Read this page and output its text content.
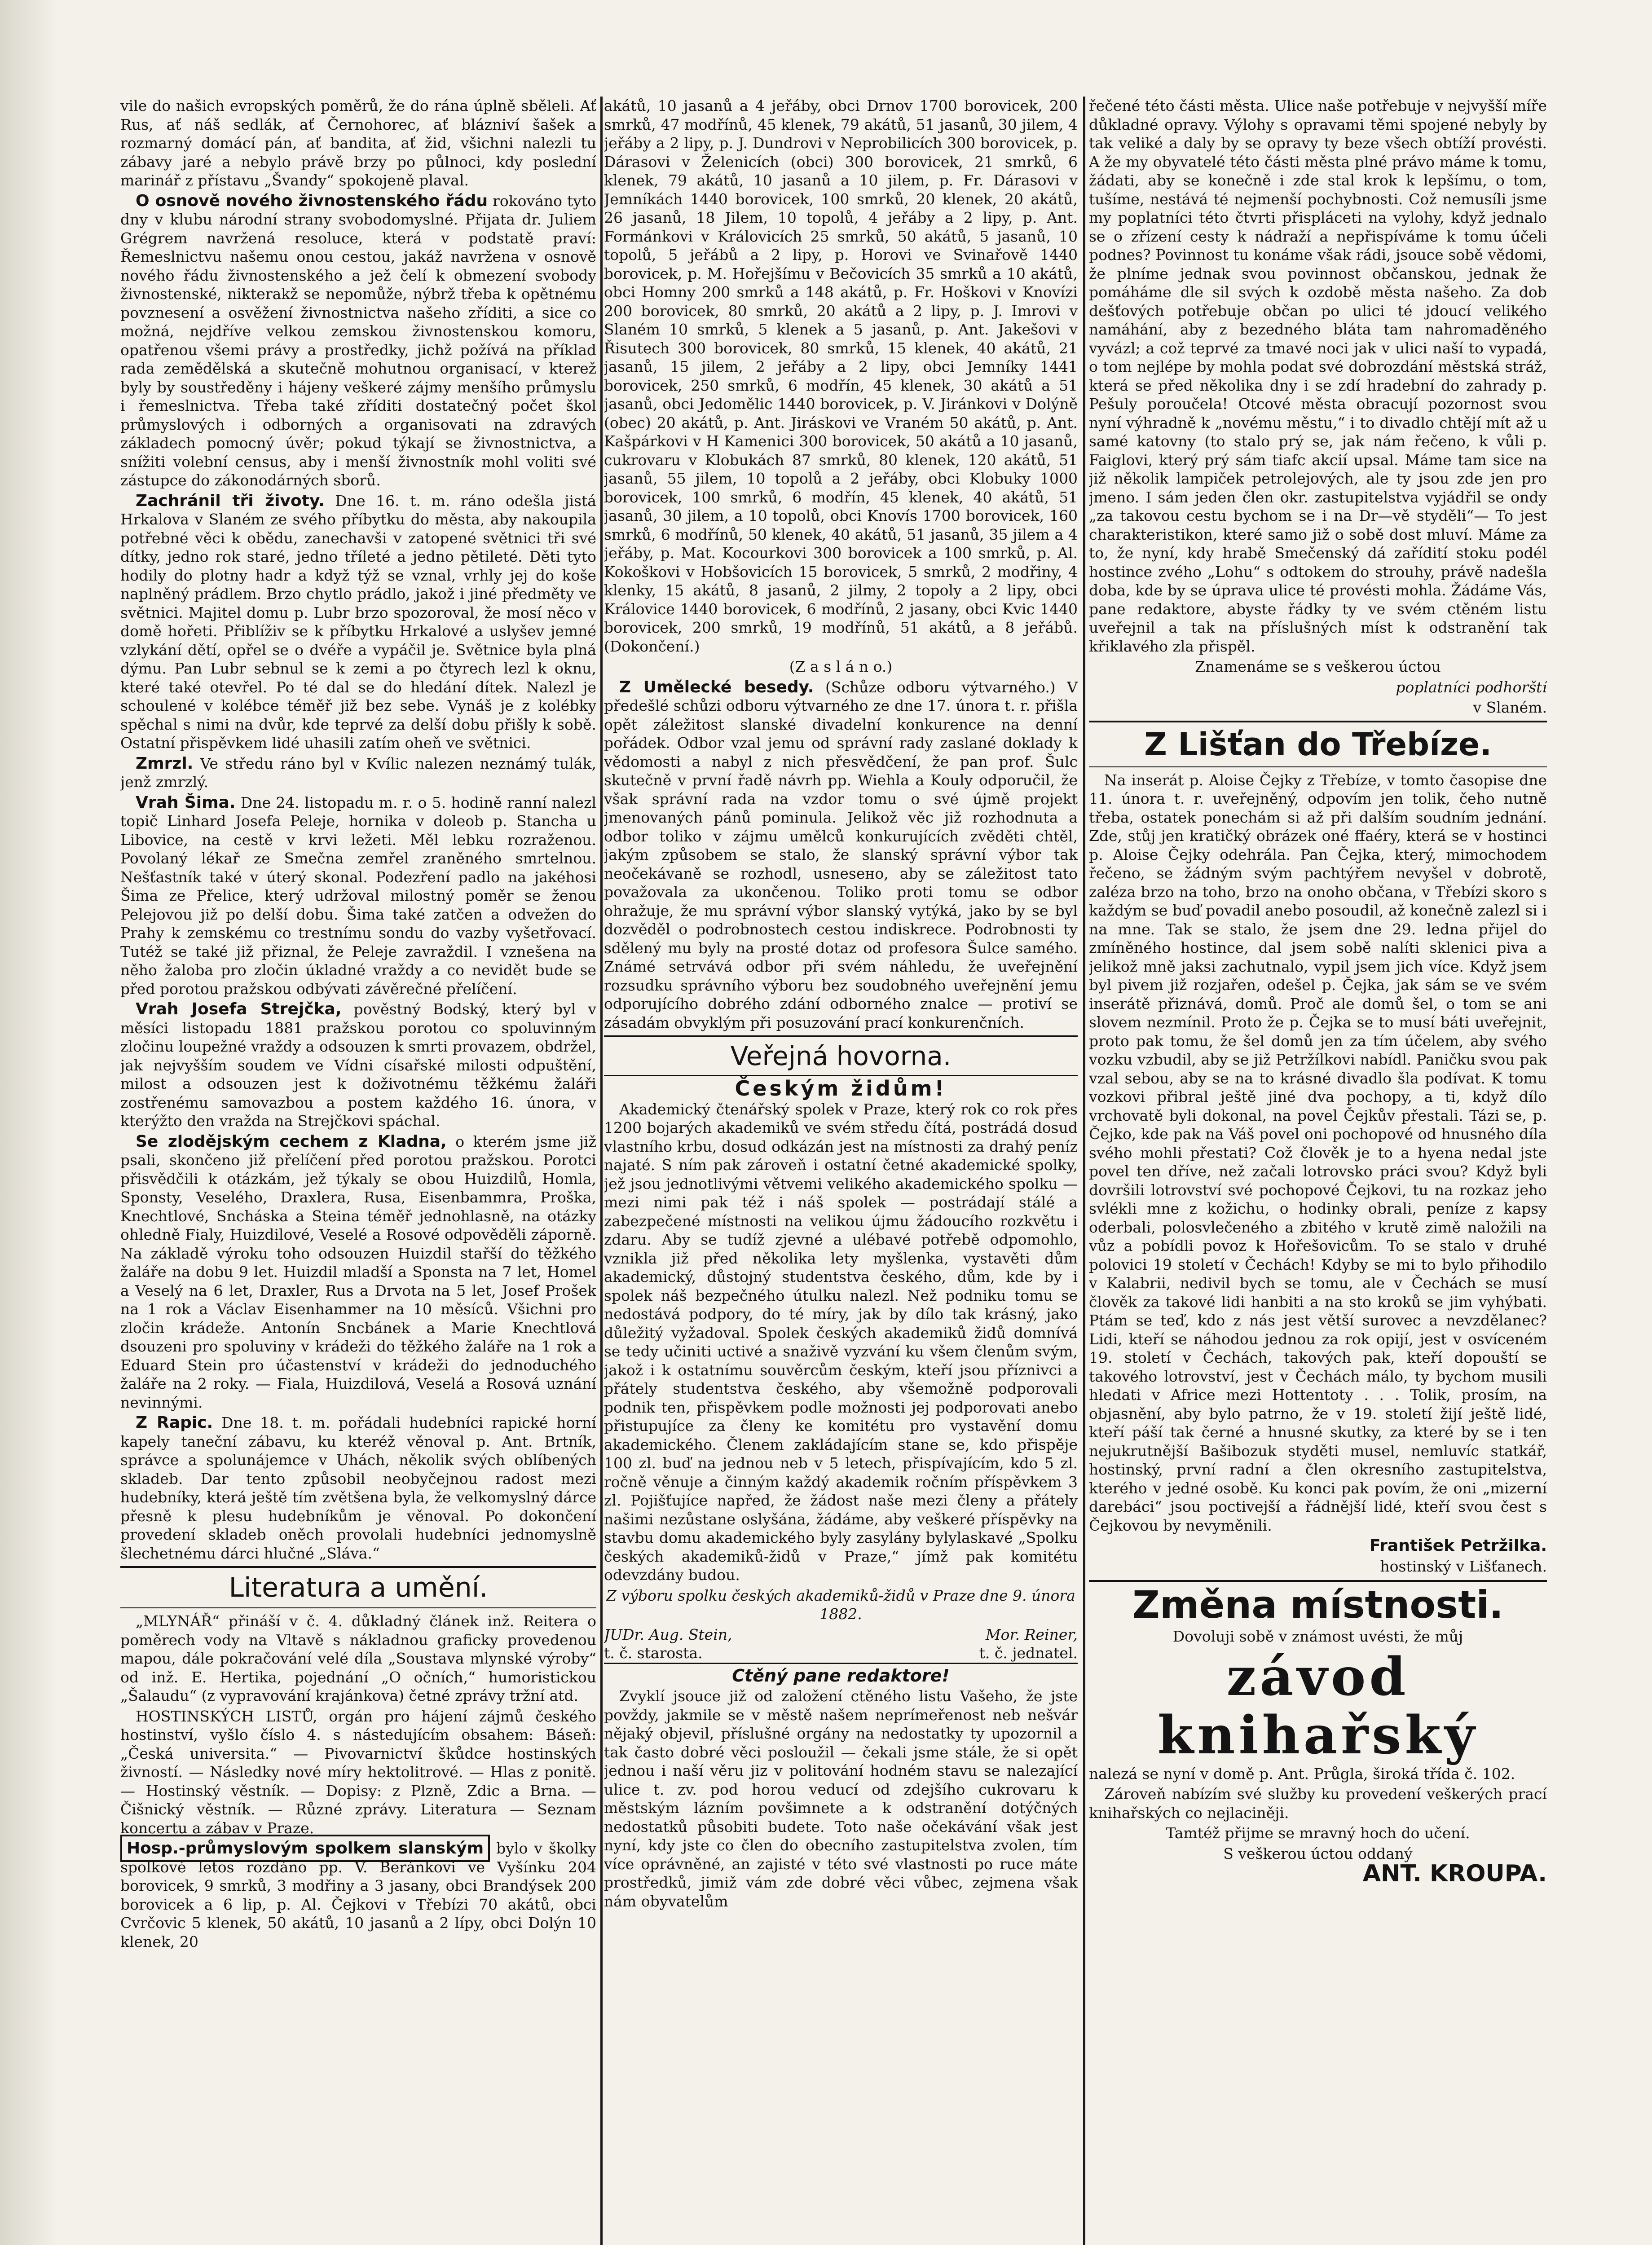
vile do našich evropských poměrů, že do rána úplně sběleli. Ať Rus, ať náš sedlák, ať Černohorec, ať blázniví šašek a rozmarný domácí pán, ať bandita, ať žid, všichni nalezli tu zábavy jaré a nebylo právě brzy po půlnoci, kdy poslední marinář z přístavu „Švandy“ spokojeně plaval.

O osnově nového živnostenského řádu rokováno tyto dny v klubu národní strany svobodomyslné. Přijata dr. Juliem Grégrem navržená resoluce, která v podstatě praví: Řemeslnictvu našemu onou cestou, jakáž navržena v osnově nového řádu živnostenského a jež čelí k obmezení svobody živnostenské, nikterakž se nepomůže, nýbrž třeba k opětnému povznesení a osvěžení živnostnictva našeho zříditi, a sice co možná, nejdříve velkou zemskou živnostenskou komoru, opatřenou všemi právy a prostředky, jichž požívá na příklad rada zemědělská a skutečně mohutnou organisací, v kterež byly by soustředěny i hájeny veškeré zájmy menšího průmyslu i řemeslnictva. Třeba také zříditi dostatečný počet škol průmyslových i odborných a organisovati na zdravých základech pomocný úvěr; pokud týkají se živnostnictva, a snížiti volební census, aby i menší živnostník mohl voliti své zástupce do zákonodárných sborů.

Zachránil tři životy. Dne 16. t. m. ráno odešla jistá Hrkalova v Slaném ze svého příbytku do města, aby nakoupila potřebné věci k obědu, zanechavši v zatopené světnici tři své dítky, jedno rok staré, jedno tříleté a jedno pětileté. Děti tyto hodily do plotny hadr a když týž se vznal, vrhly jej do koše naplněný prádlem. Brzo chytlo prádlo, jakož i jiné předměty ve světnici. Majitel domu p. Lubr brzo spozoroval, že mosí něco v domě hořeti. Přiblíživ se k příbytku Hrkalové a uslyšev jemné vzlykání dětí, opřel se o dvéře a vypáčil je. Světnice byla plná dýmu. Pan Lubr sebnul se k zemi a po čtyrech lezl k oknu, které také otevřel. Po té dal se do hledání dítek. Nalezl je schoulené v kolébce téměř již bez sebe. Vynáš je z kolébky spěchal s nimi na dvůr, kde teprvé za delší dobu přišly k sobě. Ostatní přispěvkem lidé uhasili zatím oheň ve světnici.

Zmrzl. Ve středu ráno byl v Kvílic nalezen neznámý tulák, jenž zmrzlý.

Vrah Šima. Dne 24. listopadu m. r. o 5. hodině ranní nalezl topič Linhard Josefa Peleje, hornika v doleob p. Stancha u Libovice, na cestě v krvi ležeti. Měl lebku rozraženou. Povolaný lékař ze Smečna zemřel zraněného smrtelnou. Nešťastník také v úterý skonal. Podezření padlo na jakéhosi Šima ze Přelice, který udržoval milostný poměr se ženou Pelejovou již po delší dobu. Šima také zatčen a odvežen do Prahy k zemskému co trestnímu sondu do vazby vyšetřovací. Tutéž se také již přiznal, že Peleje zavraždil. I vznešena na něho žaloba pro zločin úkladné vraždy a co nevidět bude se před porotou pražskou odbývati závěrečné přelíčení.

Vrah Josefa Strejčka, pověstný Bodský, který byl v měsíci listopadu 1881 pražskou porotou co spoluvinným zločinu loupežné vraždy a odsouzen k smrti provazem, obdržel, jak nejvyšším soudem ve Vídni císařské milosti odpuštění, milost a odsouzen jest k doživotnému těžkému žaláři zostřenému samovazbou a postem každého 16. února, v kterýžto den vražda na Strejčkovi spáchal.

Se zlodějským cechem z Kladna, o kterém jsme již psali, skončeno již přelíčení před porotou pražskou. Porotci přisvědčili k otázkám, jež týkaly se obou Huizdilů, Homla, Sponsty, Veselého, Draxlera, Rusa, Eisenbammra, Proška, Knechtlové, Sncháska a Steina téměř jednohlasně, na otázky ohledně Fialy, Huizdilové, Veselé a Rosové odpověděli záporně. Na základě výroku toho odsouzen Huizdil stařší do těžkého žaláře na dobu 9 let. Huizdil mladší a Sponsta na 7 let, Homel a Veselý na 6 let, Draxler, Rus a Drvota na 5 let, Josef Prošek na 1 rok a Václav Eisenhammer na 10 měsíců. Všichni pro zločin krádeže. Antonín Sncbánek a Marie Knechtlová dsouzeni pro spoluviny v krádeži do těžkého žaláře na 1 rok a Eduard Stein pro účastenství v krádeži do jednoduchého žaláře na 2 roky. — Fiala, Huizdilová, Veselá a Rosová uznání nevinnými.

Z Rapic. Dne 18. t. m. pořádali hudebníci rapické horní kapely taneční zábavu, ku kteréž věnoval p. Ant. Brtník, správce a spolunájemce v Uhách, několik svých oblíbených skladeb. Dar tento způsobil neobyčejnou radost mezi hudebníky, která ještě tím zvětšena byla, že velkomyslný dárce přesně k plesu hudebníkům je věnoval. Po dokončení provedení skladeb oněch provolali hudebníci jednomyslně šlechetnému dárci hlučné „Sláva.“

Literatura a umění.

„MLYNÁŘ“ přináší v č. 4. důkladný článek inž. Reitera o poměrech vody na Vltavě s nákladnou graficky provedenou mapou, dále pokračování velé díla „Soustava mlynské výroby“ od inž. E. Hertika, pojednání „O očních,“ humoristickou „Šalaudu“ (z vypravování krajánkova) četné zprávy tržní atd.

HOSTINSKÝCH LISTŮ, orgán pro hájení zájmů českého hostinství, vyšlo číslo 4. s nástedujícím obsahem: Báseň: „Česká universita.“ — Pivovarnictví škůdce hostinských živností. — Následky nové míry hektolitrové. — Hlas z ponitě. — Hostinský věstník. — Dopisy: z Plzně, Zdic a Brna. — Čišnický věstník. — Různé zprávy. Literatura — Seznam koncertu a zábav v Praze.

Hosp.-průmyslovým spolkem slanským bylo v školky spolkové letos rozdáno pp. V. Beránkovi ve Vyšínku 204 borovicek, 9 smrků, 3 modřiny a 3 jasany, obci Brandýsek 200 borovicek a 6 lip, p. Al. Čejkovi v Třebízi 70 akátů, obci Cvrčovic 5 klenek, 50 akátů, 10 jasanů a 2 lípy, obci Dolýn 10 klenek, 20

akátů, 10 jasanů a 4 jeřáby, obci Drnov 1700 borovicek, 200 smrků, 47 modřínů, 45 klenek, 79 akátů, 51 jasanů, 30 jilem, 4 jeřáby a 2 lipy, p. J. Dundrovi v Neprobilicích 300 borovicek, p. Dárasovi v Želenicích (obci) 300 borovicek, 21 smrků, 6 klenek, 79 akátů, 10 jasanů a 10 jilem, p. Fr. Dárasovi v Jemníkách 1440 borovicek, 100 smrků, 20 klenek, 20 akátů, 26 jasanů, 18 Jilem, 10 topolů, 4 jeřáby a 2 lipy, p. Ant. Formánkovi v Královicích 25 smrků, 50 akátů, 5 jasanů, 10 topolů, 5 jeřábů a 2 lipy, p. Horovi ve Svinařově 1440 borovicek, p. M. Hořejšímu v Bečovicích 35 smrků a 10 akátů, obci Homny 200 smrků a 148 akátů, p. Fr. Hoškovi v Knovízi 200 borovicek, 80 smrků, 20 akátů a 2 lipy, p. J. Imrovi v Slaném 10 smrků, 5 klenek a 5 jasanů, p. Ant. Jakešovi v Řisutech 300 borovicek, 80 smrků, 15 klenek, 40 akátů, 21 jasanů, 15 jilem, 2 jeřáby a 2 lipy, obci Jemníky 1441 borovicek, 250 smrků, 6 modřín, 45 klenek, 30 akátů a 51 jasanů, obci Jedomělic 1440 borovicek, p. V. Jiránkovi v Dolýně (obec) 20 akátů, p. Ant. Jiráskovi ve Vraném 50 akátů, p. Ant. Kašpárkovi v H Kamenici 300 borovicek, 50 akátů a 10 jasanů, cukrovaru v Klobukách 87 smrků, 80 klenek, 120 akátů, 51 jasanů, 55 jilem, 10 topolů a 2 jeřáby, obci Klobuky 1000 borovicek, 100 smrků, 6 modřín, 45 klenek, 40 akátů, 51 jasanů, 30 jilem, a 10 topolů, obci Knovís 1700 borovicek, 160 smrků, 6 modřínů, 50 klenek, 40 akátů, 51 jasanů, 35 jilem a 4 jeřáby, p. Mat. Kocourkovi 300 borovicek a 100 smrků, p. Al. Kokoškovi v Hobšovicích 15 borovicek, 5 smrků, 2 modřiny, 4 klenky, 15 akátů, 8 jasanů, 2 jilmy, 2 topoly a 2 lipy, obci Královice 1440 borovicek, 6 modřínů, 2 jasany, obci Kvic 1440 borovicek, 200 smrků, 19 modřínů, 51 akátů, a 8 jeřábů. (Dokončení.)

(Z a s l á n o.)

Z Umělecké besedy. (Schůze odboru výtvarného.) V předešlé schůzi odboru výtvarného ze dne 17. února t. r. přišla opět záležitost slanské divadelní konkurence na denní pořádek. Odbor vzal jemu od správní rady zaslané doklady k vědomosti a nabyl z nich přesvědčení, že pan prof. Šulc skutečně v první řadě návrh pp. Wiehla a Kouly odporučil, že však správní rada na vzdor tomu o své újmě projekt jmenovaných pánů pominula. Jelikož věc již rozhodnuta a odbor toliko v zájmu umělců konkurujících zvěděti chtěl, jakým způsobem se stalo, že slanský správní výbor tak neočekávaně se rozhodl, usnesено, aby se záležitost tato považovala za ukončenou. Toliko proti tomu se odbor ohražuje, že mu správní výbor slanský vytýká, jako by se byl dozvěděl o podrobnostech cestou indiskrece. Podrobnosti ty sdělený mu byly na prosté dotaz od profesora Šulce samého. Známé setrvává odbor při svém náhledu, že uveřejnění rozsudku správního výboru bez soudobného uveřejnění jemu odporujícího dobrého zdání odborného znalce — protiví se zásadám obvyklým při posuzování prací konkurenčních.

Veřejná hovorna.

Českým židům!

Akademický čtenářský spolek v Praze, který rok co rok přes 1200 bojarých akademiků ve svém středu čítá, postrádá dosud vlastního krbu, dosud odkázán jest na místnosti za drahý peníz najaté. S ním pak zároveň i ostatní četné akademické spolky, jež jsou jednotlivými větvemi velikého akademického spolku — mezi nimi pak též i náš spolek — postrádají stálé a zabezpečené místnosti na velikou újmu žádoucího rozkvětu i zdaru. Aby se tudíž zjevné a ulébavé potřebě odpomohlo, vznikla již před několika lety myšlenka, vystavěti dům akademický, důstojný studentstva českého, dům, kde by i spolek náš bezpečného útulku nalezl. Než podniku tomu se nedostává podpory, do té míry, jak by dílo tak krásný, jako důležitý vyžadoval. Spolek českých akademiků židů domnívá se tedy učiniti uctivé a snaživě vyzvání ku všem členům svým, jakož i k ostatnímu souvěrcům českým, kteří jsou příznivci a přátely studentstva českého, aby všemožně podporovali podnik ten, přispěvkem podle možnosti jej podporovati anebo přistupujíce za členy ke komitétu pro vystavění domu akademického. Členem zakládajícím stane se, kdo přispěje 100 zl. buď na jednou neb v 5 letech, přispívajícím, kdo 5 zl. ročně věnuje a činným každý akademik ročním příspěvkem 3 zl. Pojišťujíce napřed, že žádost naše mezi členy a přátely našimi nezůstane oslyšána, žádáme, aby veškeré příspěvky na stavbu domu akademického byly zasylány bylylaskavé „Spolku českých akademiků-židů v Praze,“ jímž pak komitétu odevzdány budou.

Z výboru spolku českých akademiků-židů v Praze dne 9. února 1882.

JUDr. Aug. Stein,	Mor. Reiner,
t. č. starosta.	t. č. jednatel.

Ctěný pane redaktore!

Zvyklí jsouce již od založení ctěného listu Vašeho, že jste povždy, jakmile se v městě našem neprímeřenost neb nešvár nějaký objevil, příslušné orgány na nedostatky ty upozornil a tak často dobré věci posloužil — čekali jsme stále, že si opět jednou i naší věru jiz v politování hodném stavu se nalezající ulice t. zv. pod horou veducí od zdejšího cukrovaru k městským lázním povšimnete a k odstranění dotýčných nedostatků působiti budete. Toto naše očekávání však jest nyní, kdy jste co člen do obecního zastupitelstva zvolen, tím více oprávněné, an zajisté v této své vlastnosti po ruce máte prostředků, jimiž vám zde dobré věci vůbec, zejmena však nám obyvatelům

řečené této části města. Ulice naše potřebuje v nejvyšší míře důkladné opravy. Výlohy s opravami těmi spojené nebyly by tak veliké a daly by se opravy ty beze všech obtíží provésti. A že my obyvatelé této části města plné právo máme k tomu, žádati, aby se konečně i zde stal krok k lepšímu, o tom, tušíme, nestává té nejmenší pochybnosti. Což nemusíli jsme my poplatníci této čtvrti přispláceti na vylohy, když jednalo se o zřízení cesty k nádraží a nepřispíváme k tomu účeli podnes? Povinnost tu konáme však rádi, jsouce sobě vědomi, že plníme jednak svou povinnost občanskou, jednak že pomáháme dle sil svých k ozdobě města našeho. Za dob dešťových potřebuje občan po ulici té jdoucí velikého namáhání, aby z bezedného bláta tam nahromaděného vyvázl; a což teprvé za tmavé noci jak v ulici naší to vypadá, o tom nejlépe by mohla podat své dobrozdání městská stráž, která se před několika dny i se zdí hradební do zahrady p. Pešuly poroučela! Otcové města obracují pozornost svou nyní výhradně k „novému městu,“ i to divadlo chtějí mít až u samé katovny (to stalo prý se, jak nám řečeno, k vůli p. Faiglovi, který prý sám tiafc akcií upsal. Máme tam sice na již několik lampiček petrolejových, ale ty jsou zde jen pro jmeno. I sám jeden člen okr. zastupitelstva vyjádřil se ondy „za takovou cestu bychom se i na Dr—vě styděli“— To jest charakteristikon, které samo již o sobě dost mluví. Máme za to, že nyní, kdy hrabě Smečenský dá zařídití stoku podél hostince zvého „Lohu“ s odtokem do strouhy, právě nadešla doba, kde by se úprava ulice té provésti mohla. Žádáme Vás, pane redaktore, abyste řádky ty ve svém ctěném listu uveřejnil a tak na příslušných míst k odstranění tak křiklavého zla přispěl.

Znamenáme se s veškerou úctou

poplatníci podhorští

v Slaném.

Z Lišťan do Třebíze.

Na inserát p. Aloise Čejky z Třebíze, v tomto časopise dne 11. února t. r. uveřejněný, odpovím jen tolik, čeho nutně třeba, ostatek ponechám si až při dalším soudním jednání. Zde, stůj jen kratičký obrázek oné ffaéry, která se v hostinci p. Aloise Čejky odehrála. Pan Čejka, který, mimochodem řečeno, se žádným svým pachtýřem nevyšel v dobrotě, zaléza brzo na toho, brzo na onoho občana, v Třebízi skoro s každým se buď povadil anebo posoudil, až konečně zalezl si i na mne. Tak se stalo, že jsem dne 29. ledna přijel do zmíněného hostince, dal jsem sobě nalíti sklenici piva a jelikož mně jaksi zachutnalo, vypil jsem jich více. Když jsem byl pivem již rozjařen, odešel p. Čejka, jak sám se ve svém inserátě přiznává, domů. Proč ale domů šel, o tom se ani slovem nezmínil. Proto že p. Čejka se to musí báti uveřejnit, proto pak tomu, že šel domů jen za tím účelem, aby svého vozku vzbudil, aby se již Petržílkovi nabídl. Paničku svou pak vzal sebou, aby se na to krásné divadlo šla podívat. K tomu vozkovi přibral ještě jiné dva pochopy, a ti, když dílo vrchovatě byli dokonal, na povel Čejkův přestali. Tázi se, p. Čejko, kde pak na Váš povel oni pochopové od hnusného díla svého mohli přestati? Což člověk je to a hyena nedal jste povel ten dříve, než začali lotrovsko práci svou? Když byli dovršili lotrovství své pochopové Čejkovi, tu na rozkaz jeho svlékli mne z kožichu, o hodinky obrali, peníze z kapsy oderbali, polosvlečeného a zbitého v krutě zimě naložili na vůz a pobídli povoz k Hořešovicům. To se stalo v druhé polovici 19 století v Čechách! Kdyby se mi to bylo přihodilo v Kalabrii, nedivil bych se tomu, ale v Čechách se musí člověk za takové lidi hanbiti a na sto kroků se jim vyhýbati. Ptám se teď, kdo z nás jest větší surovec a nevzdělanec? Lidi, kteří se náhodou jednou za rok opijí, jest v osvíceném 19. století v Čechách, takových pak, kteří dopouští se takového lotrovství, jest v Čechách málo, ty bychom musili hledati v Africe mezi Hottentoty . . . Tolik, prosím, na objasnění, aby bylo patrno, že v 19. století žijí ještě lidé, kteří páší tak černé a hnusné skutky, za které by se i ten nejukrutnější Bašibozuk styděti musel, nemluvíc statkář, hostinský, první radní a člen okresního zastupitelstva, kterého v jedné osobě. Ku konci pak povím, že oni „mizerní darebáci“ jsou poctivejší a řádnější lidé, kteří svou čest s Čejkovou by nevyměnili.

František Petržilka.

hostinský v Lišťanech.

Změna místnosti.

Dovoluji sobě v známost uvésti, že můj

závod knihařský

nalezá se nyní v domě p. Ant. Průgla, široká třída č. 102.

Zároveň nabízím své služby ku provedení veškerých prací knihařských co nejlaciněji.

Tamtéž přijme se mravný hoch do učení.

S veškerou úctou oddaný

ANT. KROUPA.
